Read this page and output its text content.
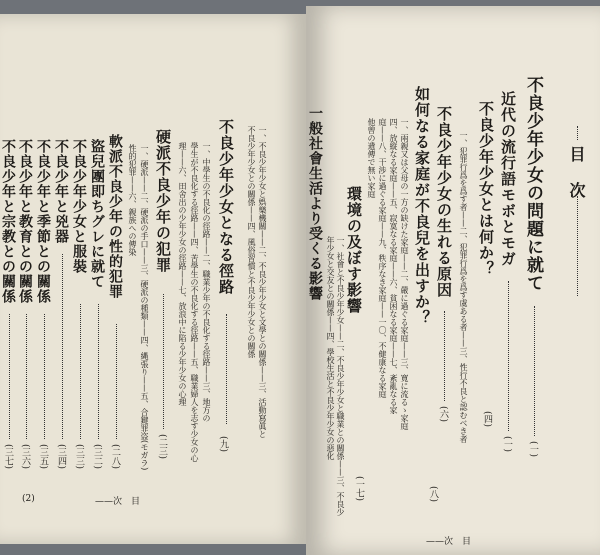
目　次
不良少年少女の問題に就て
(一)
近代の流行語モボとモガ
(一)
不良少年少女とは何か？
一、犯罪行爲を爲す者——二、犯罪行爲を爲す虞ある者——三、性行不良と認むべき者 (四)
不良少年少女の生れる原因
(六)
如何なる家庭が不良兒を出すか？
一、兩親又は父母の一方の缺けた家庭——二、嚴に過ぐる家庭——三、寛に流るゝ家庭
四、放縦なる家庭——五、寂寞なる家庭——六、貧困なる家庭——七、紊亂なる家
庭——八、干渉に過ぐる家庭——九、秩序なき家庭——一〇、不健康なる家庭
他曾の遺傳で無い家庭
(八)
環境の及ぼす影響
一、社會と不良少年少女——二、不良少年少女と職業との關係——三、不良少
年少女と交友との關係——四、學校生活と不良少年少女の惡化
一般社會生活より受くる影響
(一七)
——次　目
一、不良少年少女と娯樂機關——二、不良少年少女と文學との關係——三、活動寫眞と
不良少年少女との關係——四、風俗習慣と不良少年少女との關係
(九)
不良少年少女となる徑路
一、中學生の不良化の徑路——二、職業少年の不良化する徑路——三、地方の
學生が不良化する徑路——四、苦學生の不良化する徑路——五、職業婦人を志す少女の心
理——六、田舍出の少年少女の徑路——七、放浪中に陷る少年少女の心理
硬派不良少年の犯罪
(二三)
一、硬派——二、硬派の手口——三、硬派の種類——四、縄張り——五、合鍵罪盗(モガラ)
性的犯罪——六、親族への傳染
軟派不良少年の性的犯罪
(二八)
盜兒團即ちグレに就て
(三二)
不良少年少女と服裝
(三三)
不良少年と兇器
(三四)
不良少年と季節との關係
(三五)
不良少年と教育との關係
(三六)
不良少年と宗教との關係
(三七)
(2)	——次　目
